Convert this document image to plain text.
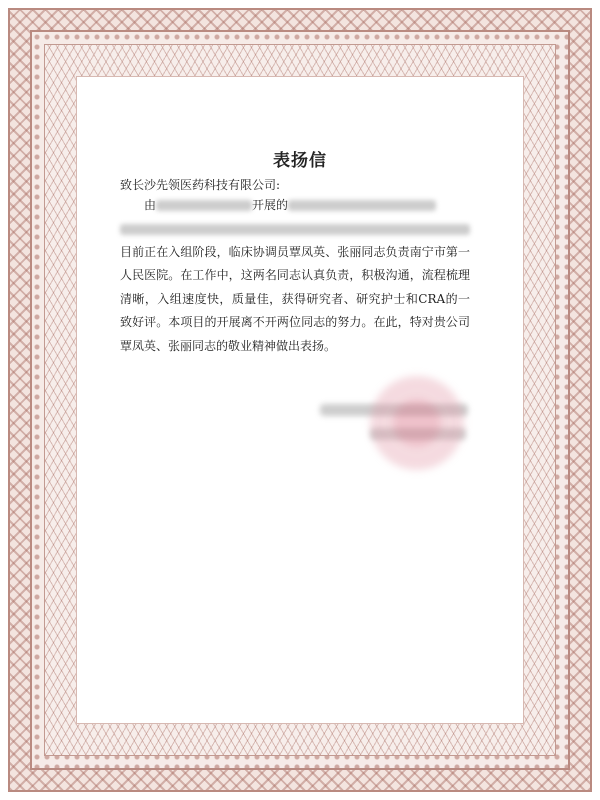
表扬信
致长沙先领医药科技有限公司:
由	开展的
目前正在入组阶段，临床协调员覃凤英、张丽同志负责南宁市第一人民医院。在工作中，这两名同志认真负责，积极沟通，流程梳理清晰，入组速度快，质量佳，获得研究者、研究护士和CRA的一致好评。本项目的开展离不开两位同志的努力。在此，特对贵公司覃凤英、张丽同志的敬业精神做出表扬。
